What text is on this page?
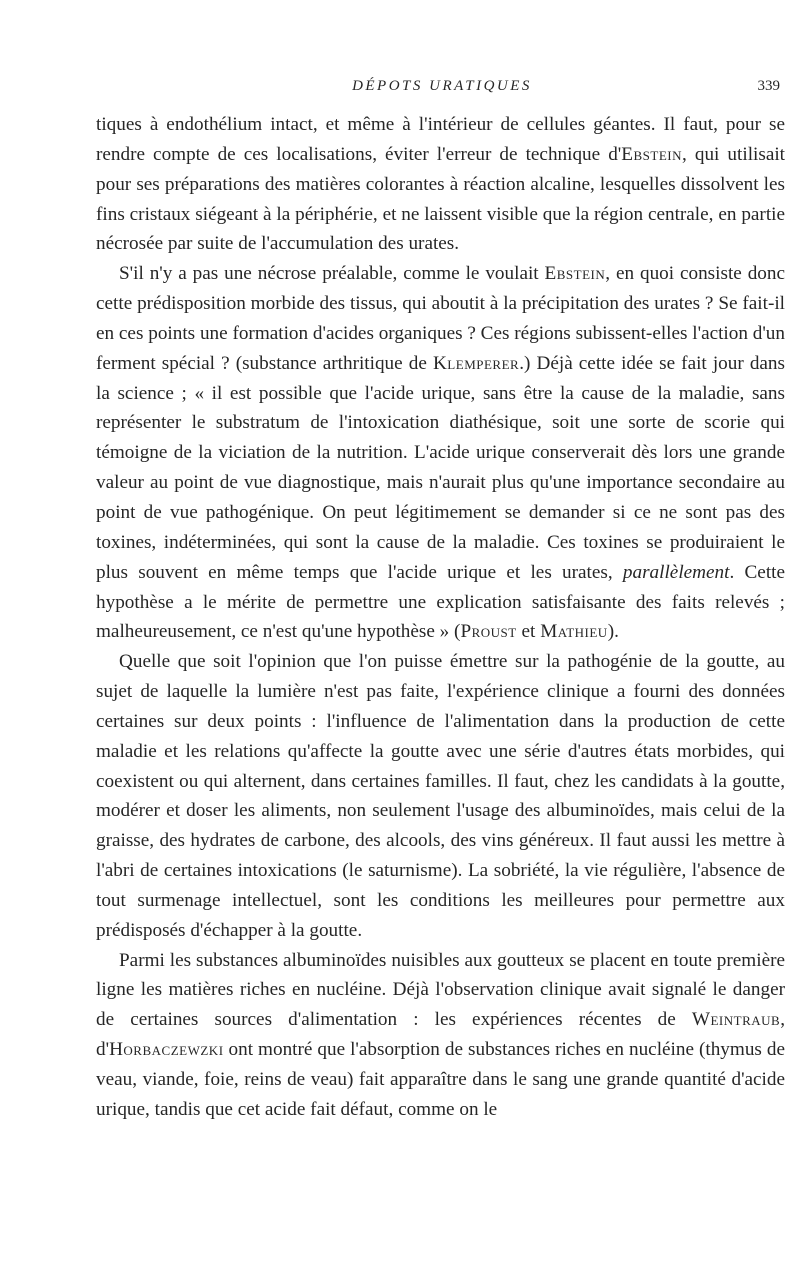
DÉPOTS URATIQUES	339

tiques à endothélium intact, et même à l'intérieur de cellules géantes. Il faut, pour se rendre compte de ces localisations, éviter l'erreur de technique d'Ebstein, qui utilisait pour ses préparations des matières colorantes à réaction alcaline, lesquelles dissolvent les fins cristaux siégeant à la périphérie, et ne laissent visible que la région centrale, en partie nécrosée par suite de l'accumulation des urates.

S'il n'y a pas une nécrose préalable, comme le voulait Ebstein, en quoi consiste donc cette prédisposition morbide des tissus, qui aboutit à la précipitation des urates ? Se fait-il en ces points une formation d'acides organiques ? Ces régions subissent-elles l'action d'un ferment spécial ? (substance arthritique de Klemperer.) Déjà cette idée se fait jour dans la science ; « il est possible que l'acide urique, sans être la cause de la maladie, sans représenter le substratum de l'intoxication diathésique, soit une sorte de scorie qui témoigne de la viciation de la nutrition. L'acide urique conserverait dès lors une grande valeur au point de vue diagnostique, mais n'aurait plus qu'une importance secondaire au point de vue pathogénique. On peut légitimement se demander si ce ne sont pas des toxines, indéterminées, qui sont la cause de la maladie. Ces toxines se produiraient le plus souvent en même temps que l'acide urique et les urates, parallèlement. Cette hypothèse a le mérite de permettre une explication satisfaisante des faits relevés ; malheureusement, ce n'est qu'une hypothèse » (Proust et Mathieu).

Quelle que soit l'opinion que l'on puisse émettre sur la pathogénie de la goutte, au sujet de laquelle la lumière n'est pas faite, l'expérience clinique a fourni des données certaines sur deux points : l'influence de l'alimentation dans la production de cette maladie et les relations qu'affecte la goutte avec une série d'autres états morbides, qui coexistent ou qui alternent, dans certaines familles. Il faut, chez les candidats à la goutte, modérer et doser les aliments, non seulement l'usage des albuminoïdes, mais celui de la graisse, des hydrates de carbone, des alcools, des vins généreux. Il faut aussi les mettre à l'abri de certaines intoxications (le saturnisme). La sobriété, la vie régulière, l'absence de tout surmenage intellectuel, sont les conditions les meilleures pour permettre aux prédisposés d'échapper à la goutte.

Parmi les substances albuminoïdes nuisibles aux goutteux se placent en toute première ligne les matières riches en nucléine. Déjà l'observation clinique avait signalé le danger de certaines sources d'alimentation : les expériences récentes de Weintraub, d'Horbaczewzki ont montré que l'absorption de substances riches en nucléine (thymus de veau, viande, foie, reins de veau) fait apparaître dans le sang une grande quantité d'acide urique, tandis que cet acide fait défaut, comme on le
